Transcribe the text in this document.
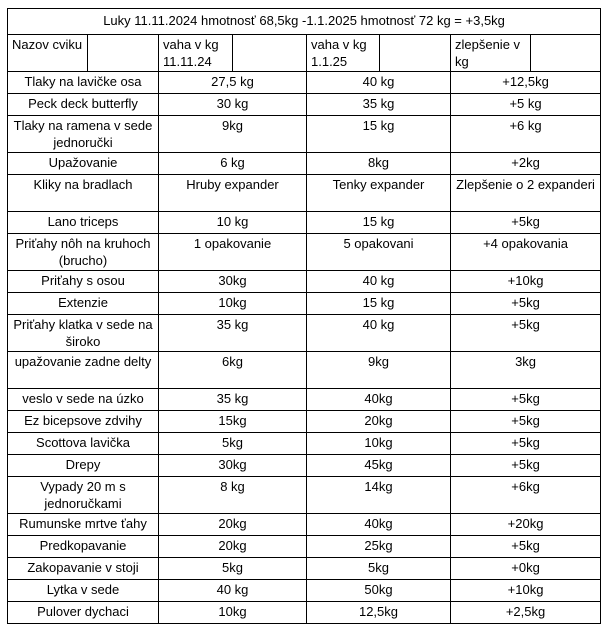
Luky 11.11.2024 hmotnosť 68,5kg -1.1.2025 hmotnosť 72 kg = +3,5kg							
Nazov cviku		vaha v kg 11.11.24		vaha v kg 1.1.25		zlepšenie v kg	
Tlaky na lavičke osa		27,5 kg		40 kg		+12,5kg	
Peck deck butterfly		30 kg		35 kg		+5 kg	
Tlaky na ramena v sede jednoručki		9kg		15 kg		+6 kg	
Upažovanie		6 kg		8kg		+2kg	
Kliky na bradlach		Hruby expander		Tenky expander		Zlepšenie o 2 expanderi	
Lano triceps		10 kg		15 kg		+5kg	
Priťahy nôh na kruhoch (brucho)		1 opakovanie		5 opakovani		+4 opakovania	
Priťahy s osou		30kg		40 kg		+10kg	
Extenzie		10kg		15 kg		+5kg	
Priťahy klatka v sede na široko		35 kg		40 kg		+5kg	
upažovanie zadne delty		6kg		9kg		3kg	
veslo v sede na úzko		35 kg		40kg		+5kg	
Ez bicepsove zdvihy		15kg		20kg		+5kg	
Scottova lavička		5kg		10kg		+5kg	
Drepy		30kg		45kg		+5kg	
Vypady 20 m s jednoručkami		8 kg		14kg		+6kg	
Rumunske mrtve ťahy		20kg		40kg		+20kg	
Predkopavanie		20kg		25kg		+5kg	
Zakopavanie v stoji		5kg		5kg		+0kg	
Lytka v sede		40 kg		50kg		+10kg	
Pulover dychaci		10kg		12,5kg		+2,5kg	
